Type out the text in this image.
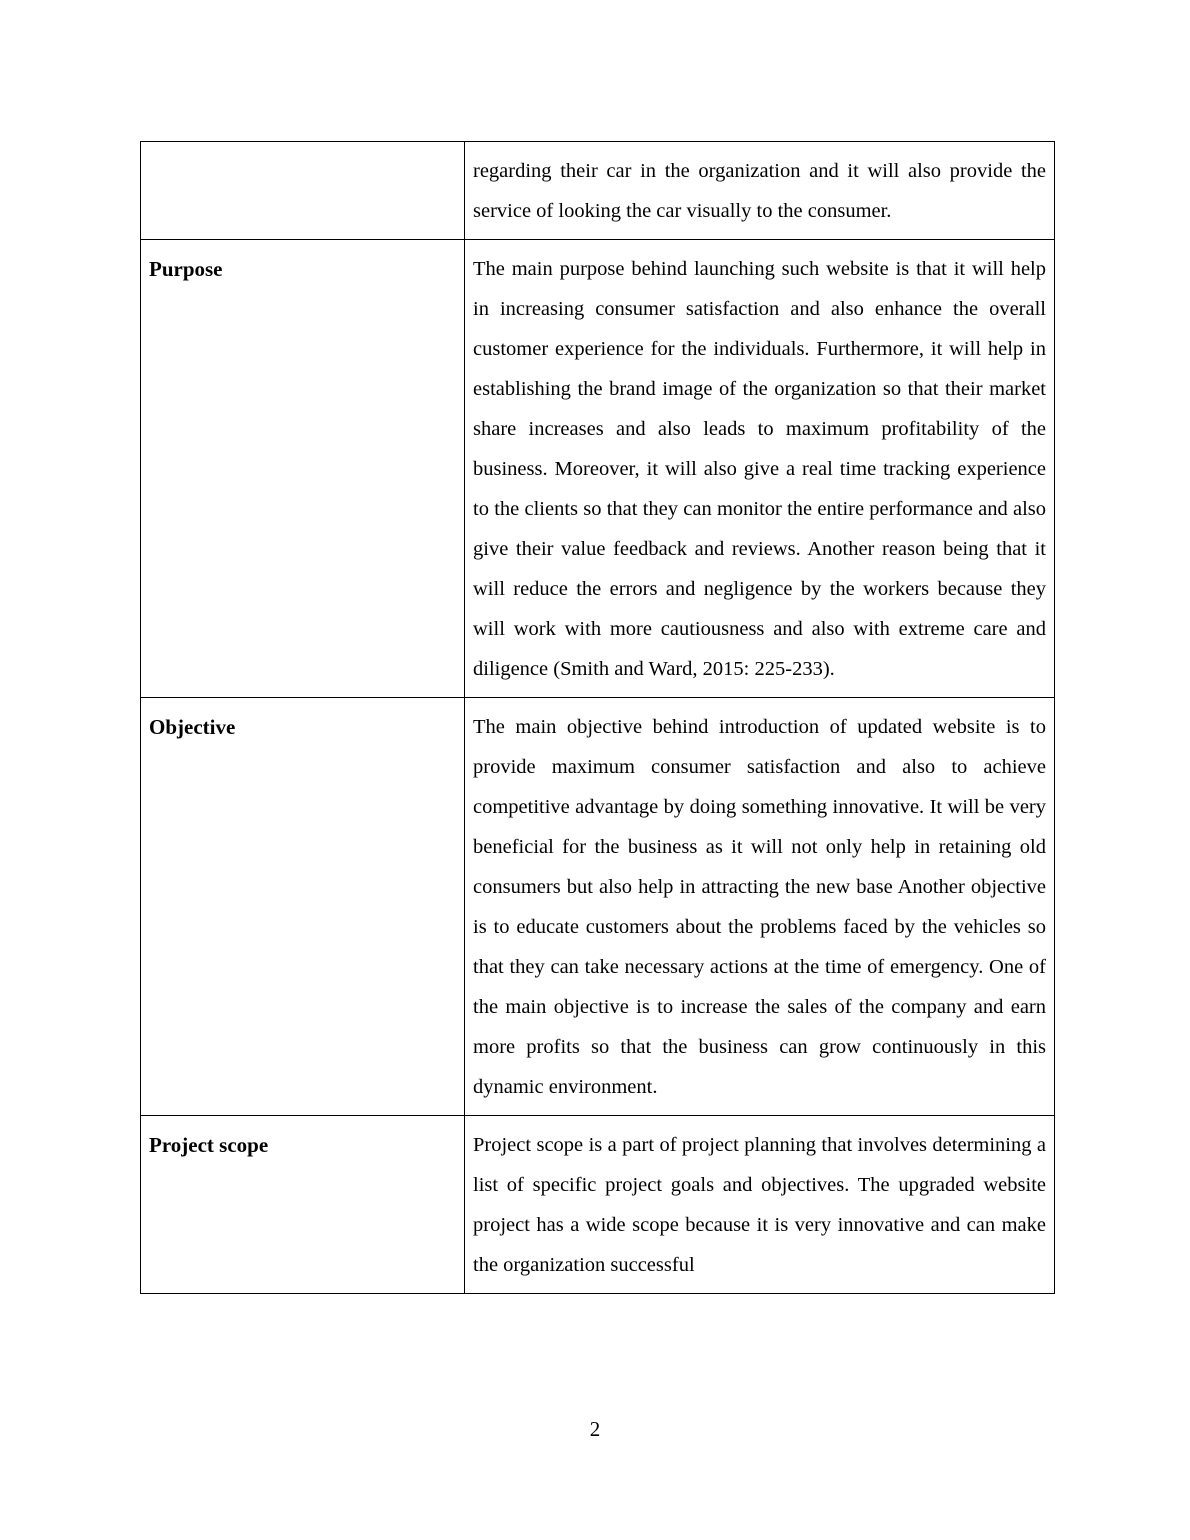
	regarding their car in the organization and it will also provide the service of looking the car visually to the consumer.

Purpose	The main purpose behind launching such website is that it will help in increasing consumer satisfaction and also enhance the overall customer experience for the individuals. Furthermore, it will help in establishing the brand image of the organization so that their market share increases and also leads to maximum profitability of the business. Moreover, it will also give a real time tracking experience to the clients so that they can monitor the entire performance and also give their value feedback and reviews. Another reason being that it will reduce the errors and negligence by the workers because they will work with more cautiousness and also with extreme care and diligence (Smith and Ward, 2015: 225-233).

Objective	The main objective behind introduction of updated website is to provide maximum consumer satisfaction and also to achieve competitive advantage by doing something innovative. It will be very beneficial for the business as it will not only help in retaining old consumers but also help in attracting the new base Another objective is to educate customers about the problems faced by the vehicles so that they can take necessary actions at the time of emergency. One of the main objective is to increase the sales of the company and earn more profits so that the business can grow continuously in this dynamic environment.

Project scope	Project scope is a part of project planning that involves determining a list of specific project goals and objectives. The upgraded website project has a wide scope because it is very innovative and can make the organization successful
2
